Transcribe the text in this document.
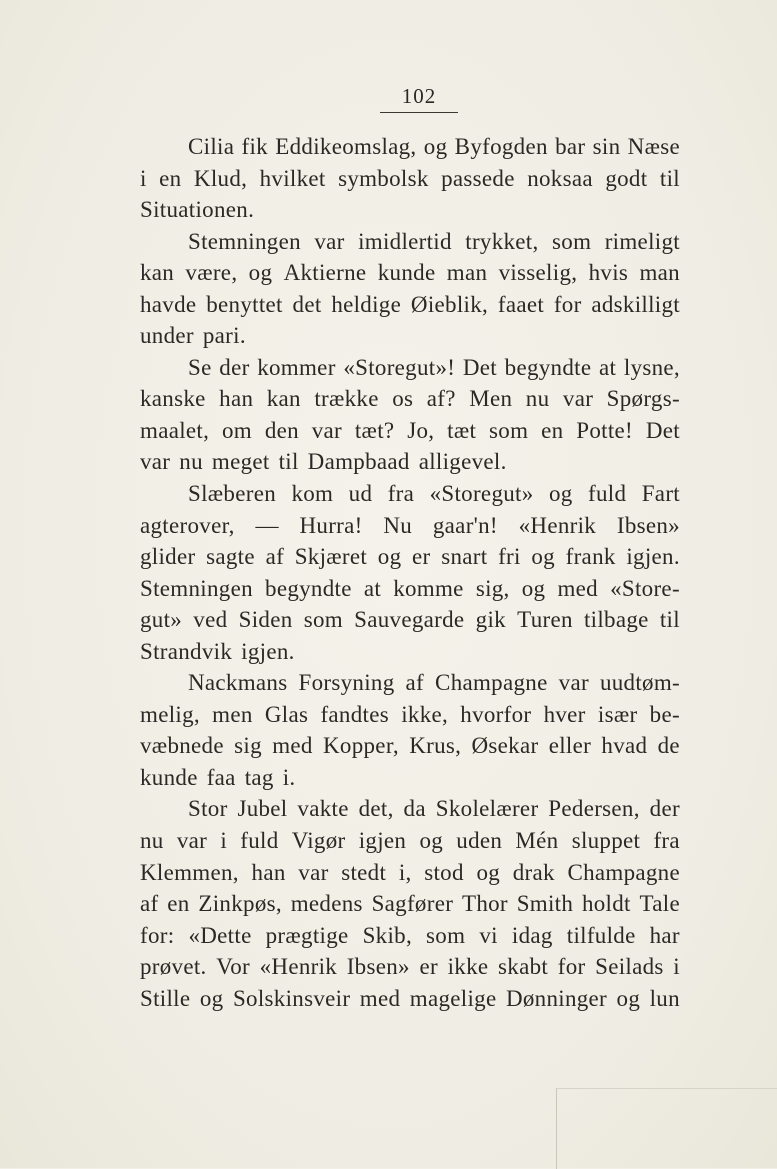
102
Cilia fik Eddikeomslag, og Byfogden bar sin Næse
i en Klud, hvilket symbolsk passede noksaa godt til
Situationen.
Stemningen var imidlertid trykket, som rimeligt
kan være, og Aktierne kunde man visselig, hvis man
havde benyttet det heldige Øieblik, faaet for adskilligt
under pari.
Se der kommer «Storegut»! Det begyndte at lysne,
kanske han kan trække os af? Men nu var Spørgs-
maalet, om den var tæt? Jo, tæt som en Potte! Det
var nu meget til Dampbaad alligevel.
Slæberen kom ud fra «Storegut» og fuld Fart
agterover, — Hurra! Nu gaar'n! «Henrik Ibsen»
glider sagte af Skjæret og er snart fri og frank igjen.
Stemningen begyndte at komme sig, og med «Store-
gut» ved Siden som Sauvegarde gik Turen tilbage til
Strandvik igjen.
Nackmans Forsyning af Champagne var uudtøm-
melig, men Glas fandtes ikke, hvorfor hver især be-
væbnede sig med Kopper, Krus, Øsekar eller hvad de
kunde faa tag i.
Stor Jubel vakte det, da Skolelærer Pedersen, der
nu var i fuld Vigør igjen og uden Mén sluppet fra
Klemmen, han var stedt i, stod og drak Champagne
af en Zinkpøs, medens Sagfører Thor Smith holdt Tale
for: «Dette prægtige Skib, som vi idag tilfulde har
prøvet. Vor «Henrik Ibsen» er ikke skabt for Seilads i
Stille og Solskinsveir med magelige Dønninger og lun
